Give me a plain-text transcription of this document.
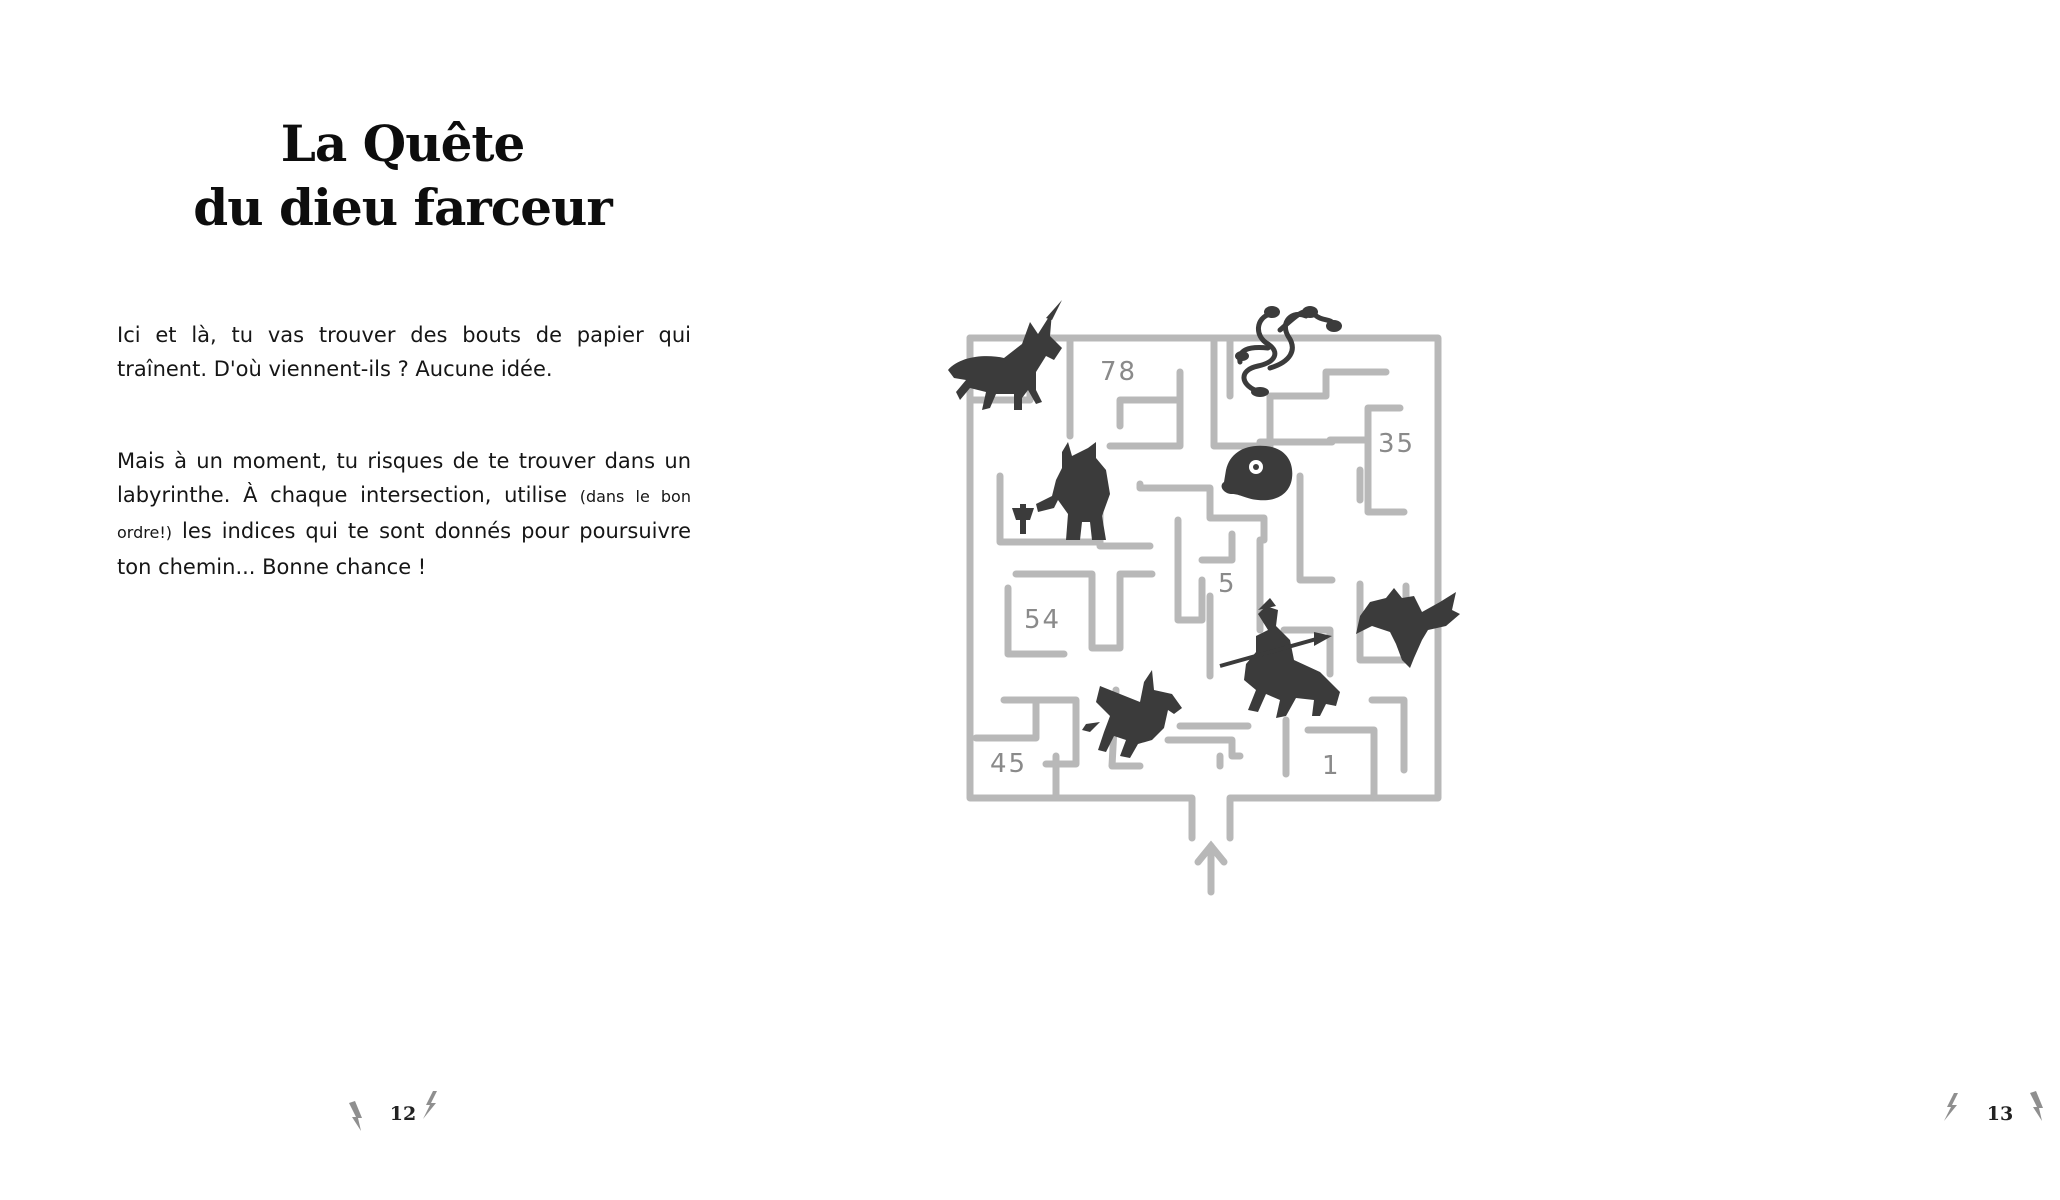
La Quête
du dieu farceur

Ici et là, tu vas trouver des bouts de papier qui traînent. D'où viennent-ils ? Aucune idée.

Mais à un moment, tu risques de te trouver dans un labyrinthe. À chaque intersection, utilise (dans le bon ordre!) les indices qui te sont donnés pour poursuivre ton chemin... Bonne chance !

12
78
35
5
54
45	1
13
